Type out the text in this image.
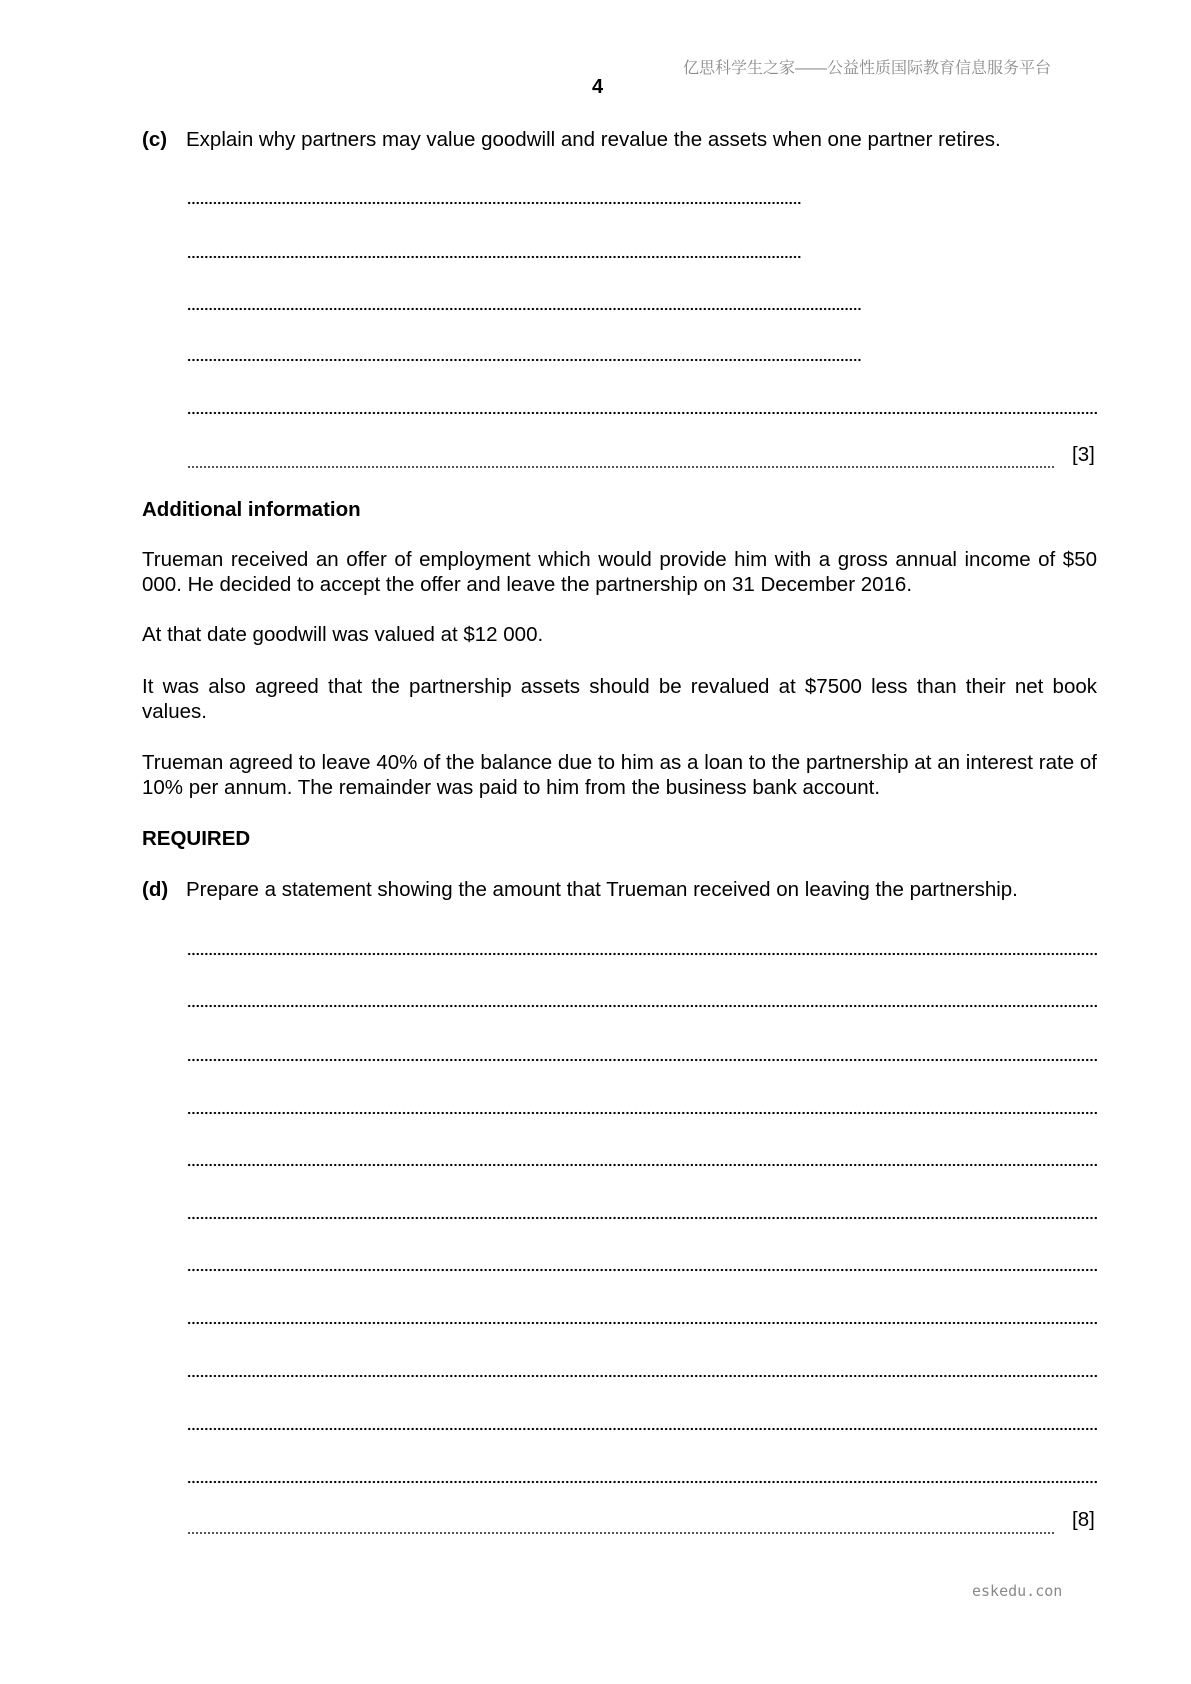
亿思科学生之家——公益性质国际教育信息服务平台
4
(c) Explain why partners may value goodwill and revalue the assets when one partner retires.
[3]
Additional information
Trueman received an offer of employment which would provide him with a gross annual income of $50 000. He decided to accept the offer and leave the partnership on 31 December 2016.
At that date goodwill was valued at $12 000.
It was also agreed that the partnership assets should be revalued at $7500 less than their net book values.
Trueman agreed to leave 40% of the balance due to him as a loan to the partnership at an interest rate of 10% per annum. The remainder was paid to him from the business bank account.
REQUIRED
(d) Prepare a statement showing the amount that Trueman received on leaving the partnership.
[8]
eskedu.con
